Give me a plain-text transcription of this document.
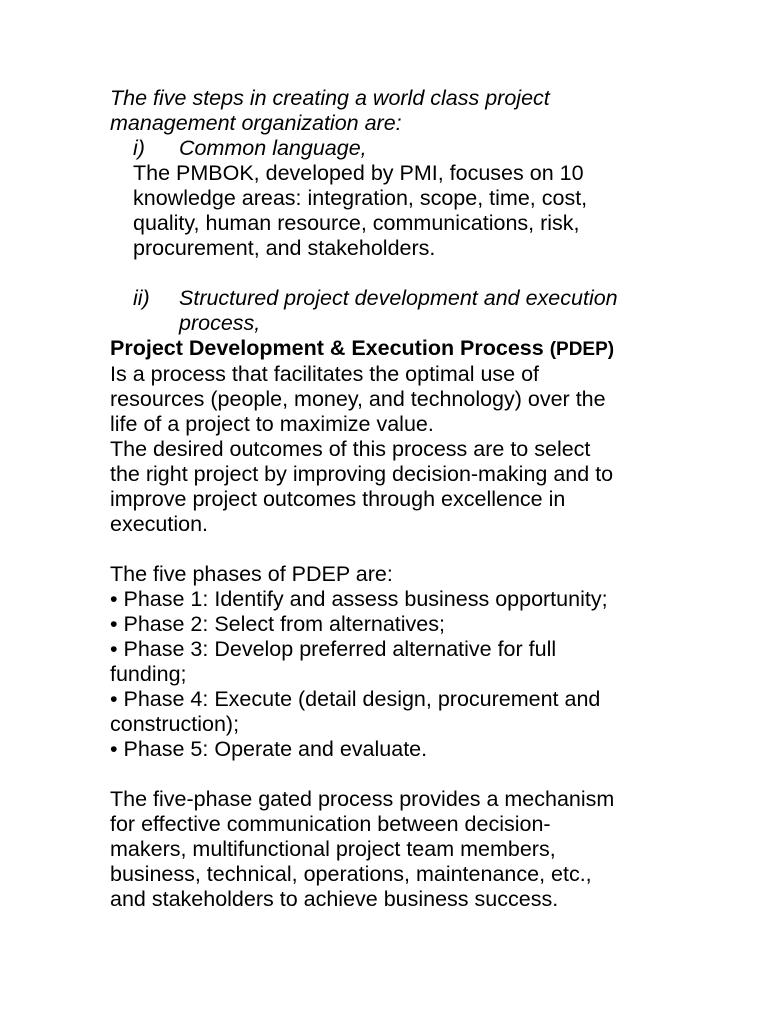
The five steps in creating a world class project
management organization are:
i)	Common language,
The PMBOK, developed by PMI, focuses on 10
knowledge areas: integration, scope, time, cost,
quality, human resource, communications, risk,
procurement, and stakeholders.
ii)	Structured project development and execution
process,
Project Development & Execution Process (PDEP)
Is a process that facilitates the optimal use of
resources (people, money, and technology) over the
life of a project to maximize value.
The desired outcomes of this process are to select
the right project by improving decision-making and to
improve project outcomes through excellence in
execution.
The five phases of PDEP are:
• Phase 1: Identify and assess business opportunity;
• Phase 2: Select from alternatives;
• Phase 3: Develop preferred alternative for full
funding;
• Phase 4: Execute (detail design, procurement and
construction);
• Phase 5: Operate and evaluate.
The five-phase gated process provides a mechanism
for effective communication between decision-
makers, multifunctional project team members,
business, technical, operations, maintenance, etc.,
and stakeholders to achieve business success.
